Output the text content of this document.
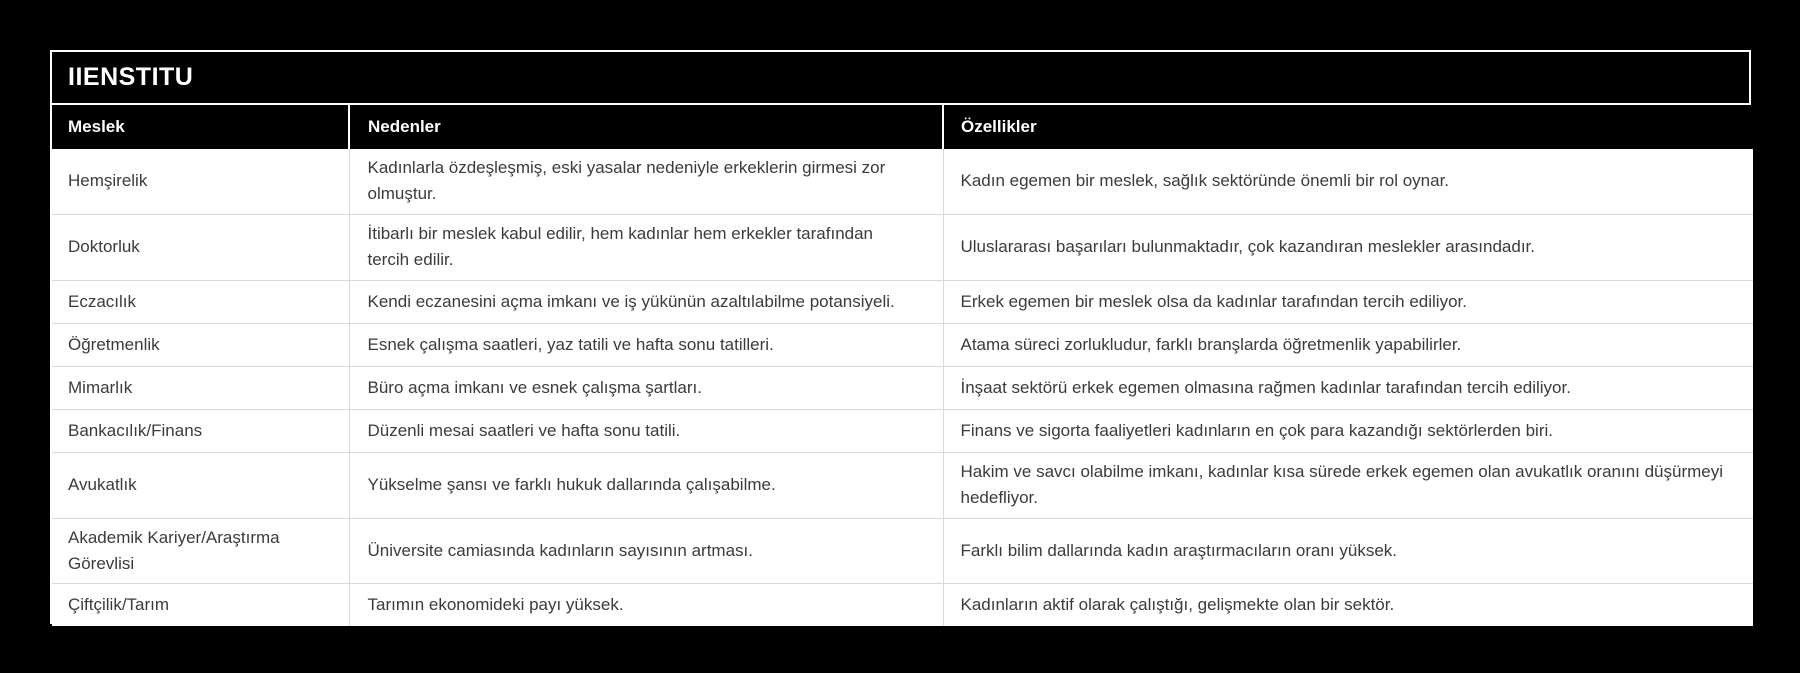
IIENSTITU
Meslek	Nedenler	Özellikler
Hemşirelik	Kadınlarla özdeşleşmiş, eski yasalar nedeniyle erkeklerin girmesi zor olmuştur.	Kadın egemen bir meslek, sağlık sektöründe önemli bir rol oynar.
Doktorluk	İtibarlı bir meslek kabul edilir, hem kadınlar hem erkekler tarafından tercih edilir.	Uluslararası başarıları bulunmaktadır, çok kazandıran meslekler arasındadır.
Eczacılık	Kendi eczanesini açma imkanı ve iş yükünün azaltılabilme potansiyeli.	Erkek egemen bir meslek olsa da kadınlar tarafından tercih ediliyor.
Öğretmenlik	Esnek çalışma saatleri, yaz tatili ve hafta sonu tatilleri.	Atama süreci zorlukludur, farklı branşlarda öğretmenlik yapabilirler.
Mimarlık	Büro açma imkanı ve esnek çalışma şartları.	İnşaat sektörü erkek egemen olmasına rağmen kadınlar tarafından tercih ediliyor.
Bankacılık/Finans	Düzenli mesai saatleri ve hafta sonu tatili.	Finans ve sigorta faaliyetleri kadınların en çok para kazandığı sektörlerden biri.
Avukatlık	Yükselme şansı ve farklı hukuk dallarında çalışabilme.	Hakim ve savcı olabilme imkanı, kadınlar kısa sürede erkek egemen olan avukatlık oranını düşürmeyi hedefliyor.
Akademik Kariyer/Araştırma Görevlisi	Üniversite camiasında kadınların sayısının artması.	Farklı bilim dallarında kadın araştırmacıların oranı yüksek.
Çiftçilik/Tarım	Tarımın ekonomideki payı yüksek.	Kadınların aktif olarak çalıştığı, gelişmekte olan bir sektör.
